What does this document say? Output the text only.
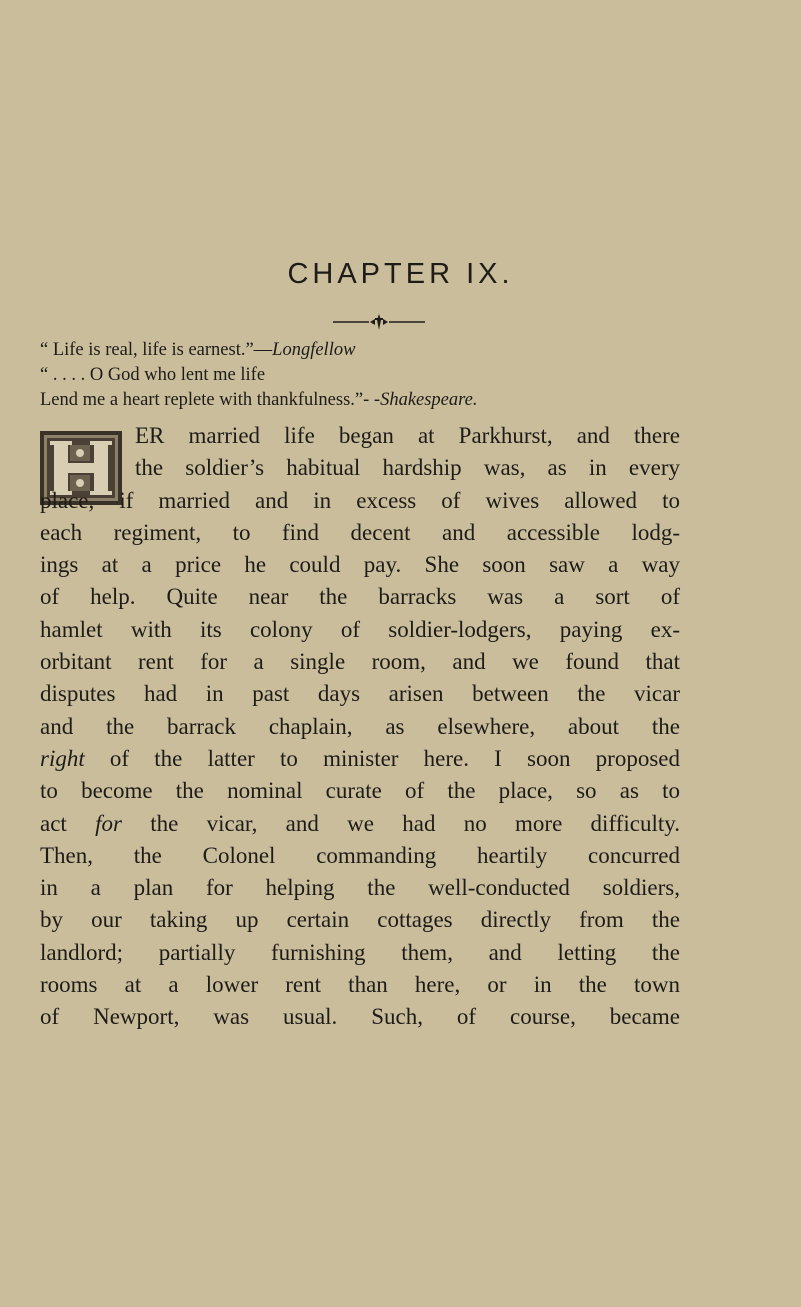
CHAPTER IX.
“ Life is real, life is earnest.”—Longfellow
“ . . . . O God who lent me life
Lend me a heart replete with thankfulness.”- -Shakespeare.
ER married life began at Parkhurst, and there
the soldier’s habitual hardship was, as in every
place, if married and in excess of wives allowed to
each regiment, to find decent and accessible lodg-
ings at a price he could pay. She soon saw a way
of help. Quite near the barracks was a sort of
hamlet with its colony of soldier-lodgers, paying ex-
orbitant rent for a single room, and we found that
disputes had in past days arisen between the vicar
and the barrack chaplain, as elsewhere, about the
right of the latter to minister here. I soon proposed
to become the nominal curate of the place, so as to
act for the vicar, and we had no more difficulty.
Then, the Colonel commanding heartily concurred
in a plan for helping the well-conducted soldiers,
by our taking up certain cottages directly from the
landlord; partially furnishing them, and letting the
rooms at a lower rent than here, or in the town
of Newport, was usual. Such, of course, became
